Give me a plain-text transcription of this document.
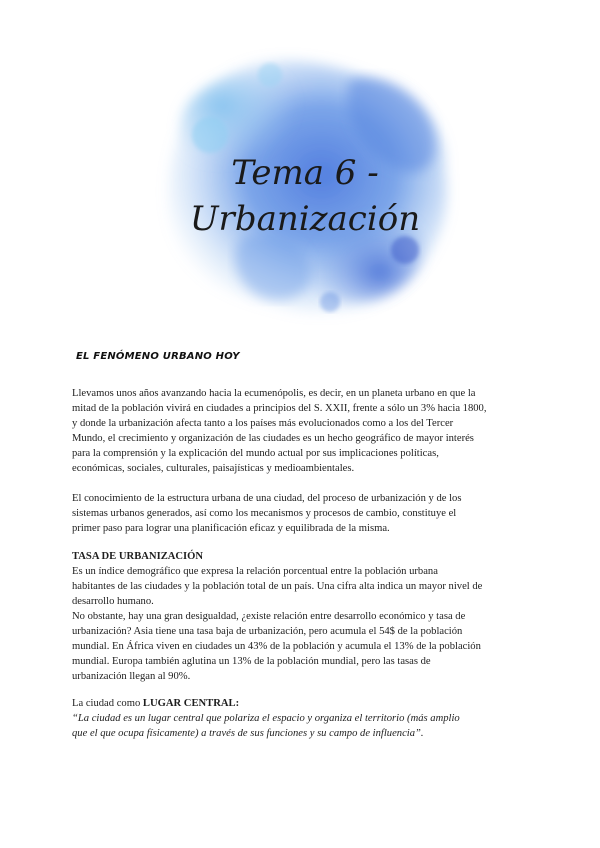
Tema 6 -
Urbanización
EL FENÓMENO URBANO HOY

Llevamos unos años avanzando hacia la ecumenópolis, es decir, en un planeta urbano en que la
mitad de la población vivirá en ciudades a principios del S. XXII, frente a sólo un 3% hacia 1800,
y donde la urbanización afecta tanto a los países más evolucionados como a los del Tercer
Mundo, el crecimiento y organización de las ciudades es un hecho geográfico de mayor interés
para la comprensión y la explicación del mundo actual por sus implicaciones políticas,
económicas, sociales, culturales, paisajísticas y medioambientales.

El conocimiento de la estructura urbana de una ciudad, del proceso de urbanización y de los
sistemas urbanos generados, así como los mecanismos y procesos de cambio, constituye el
primer paso para lograr una planificación eficaz y equilibrada de la misma.

TASA DE URBANIZACIÓN

Es un índice demográfico que expresa la relación porcentual entre la población urbana
habitantes de las ciudades y la población total de un país. Una cifra alta indica un mayor nivel de
desarrollo humano.

No obstante, hay una gran desigualdad, ¿existe relación entre desarrollo económico y tasa de
urbanización? Asia tiene una tasa baja de urbanización, pero acumula el 54$ de la población
mundial. En África viven en ciudades un 43% de la población y acumula el 13% de la población
mundial. Europa también aglutina un 13% de la población mundial, pero las tasas de
urbanización llegan al 90%.

La ciudad como LUGAR CENTRAL:

“La ciudad es un lugar central que polariza el espacio y organiza el territorio (más amplio
que el que ocupa físicamente) a través de sus funciones y su campo de influencia”.
